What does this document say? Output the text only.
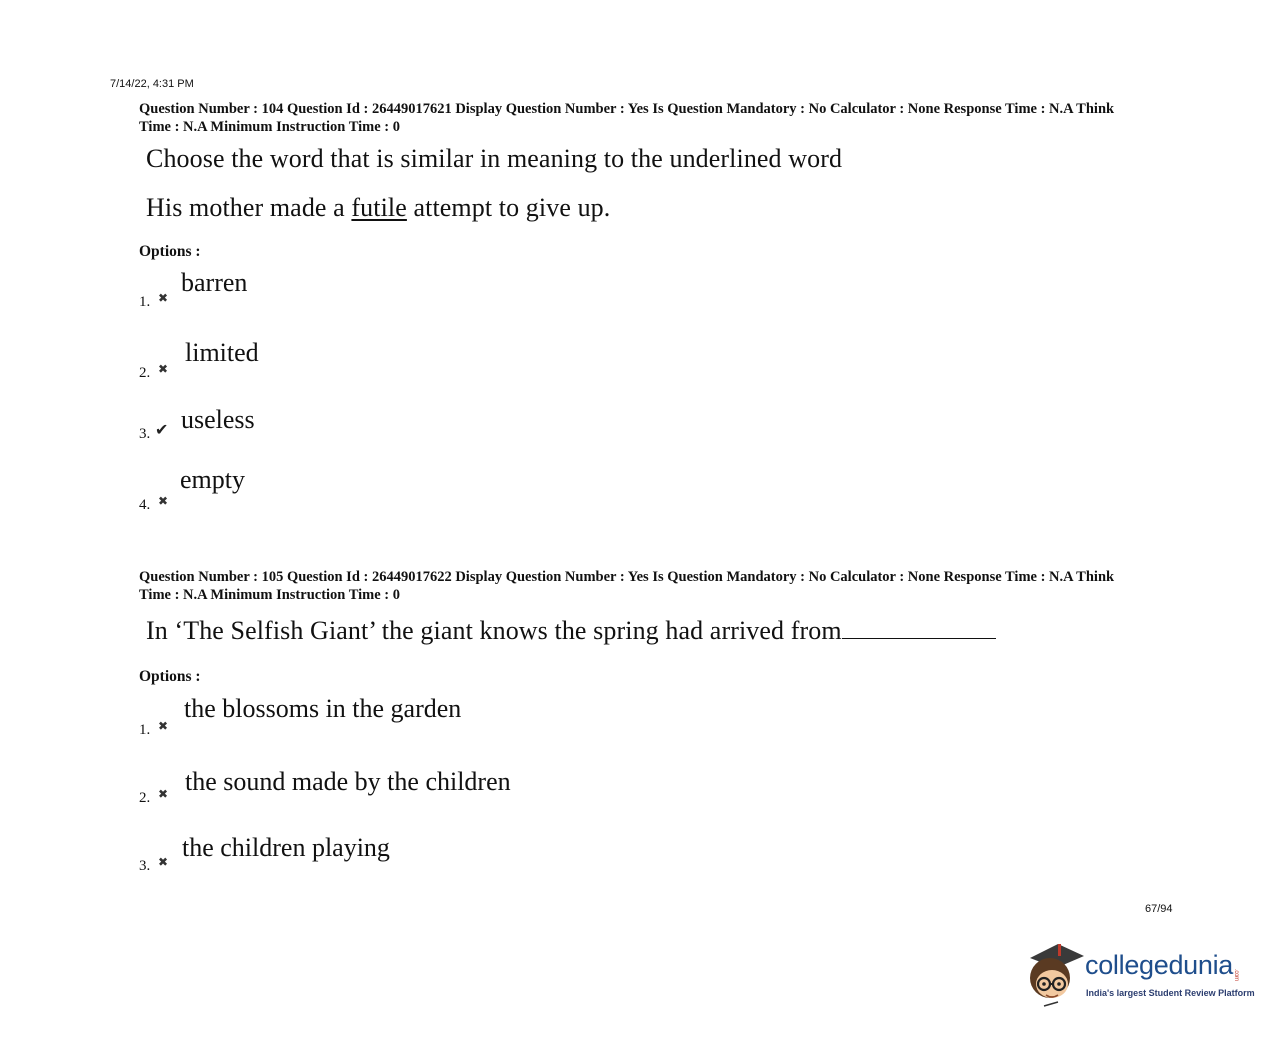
7/14/22, 4:31 PM
Question Number : 104 Question Id : 26449017621 Display Question Number : Yes Is Question Mandatory : No Calculator : None Response Time : N.A Think Time : N.A Minimum Instruction Time : 0
Choose the word that is similar in meaning to the underlined word
His mother made a futile attempt to give up.
Options :
1. ✖
barren
2. ✖
limited
3. ✔ useless
4. ✖
empty
Question Number : 105 Question Id : 26449017622 Display Question Number : Yes Is Question Mandatory : No Calculator : None Response Time : N.A Think Time : N.A Minimum Instruction Time : 0
In ‘The Selfish Giant’ the giant knows the spring had arrived from
Options :
1. ✖
the blossoms in the garden
2. ✖ the sound made by the children
3. ✖ the children playing
67/94
collegedunia.com
India's largest Student Review Platform
